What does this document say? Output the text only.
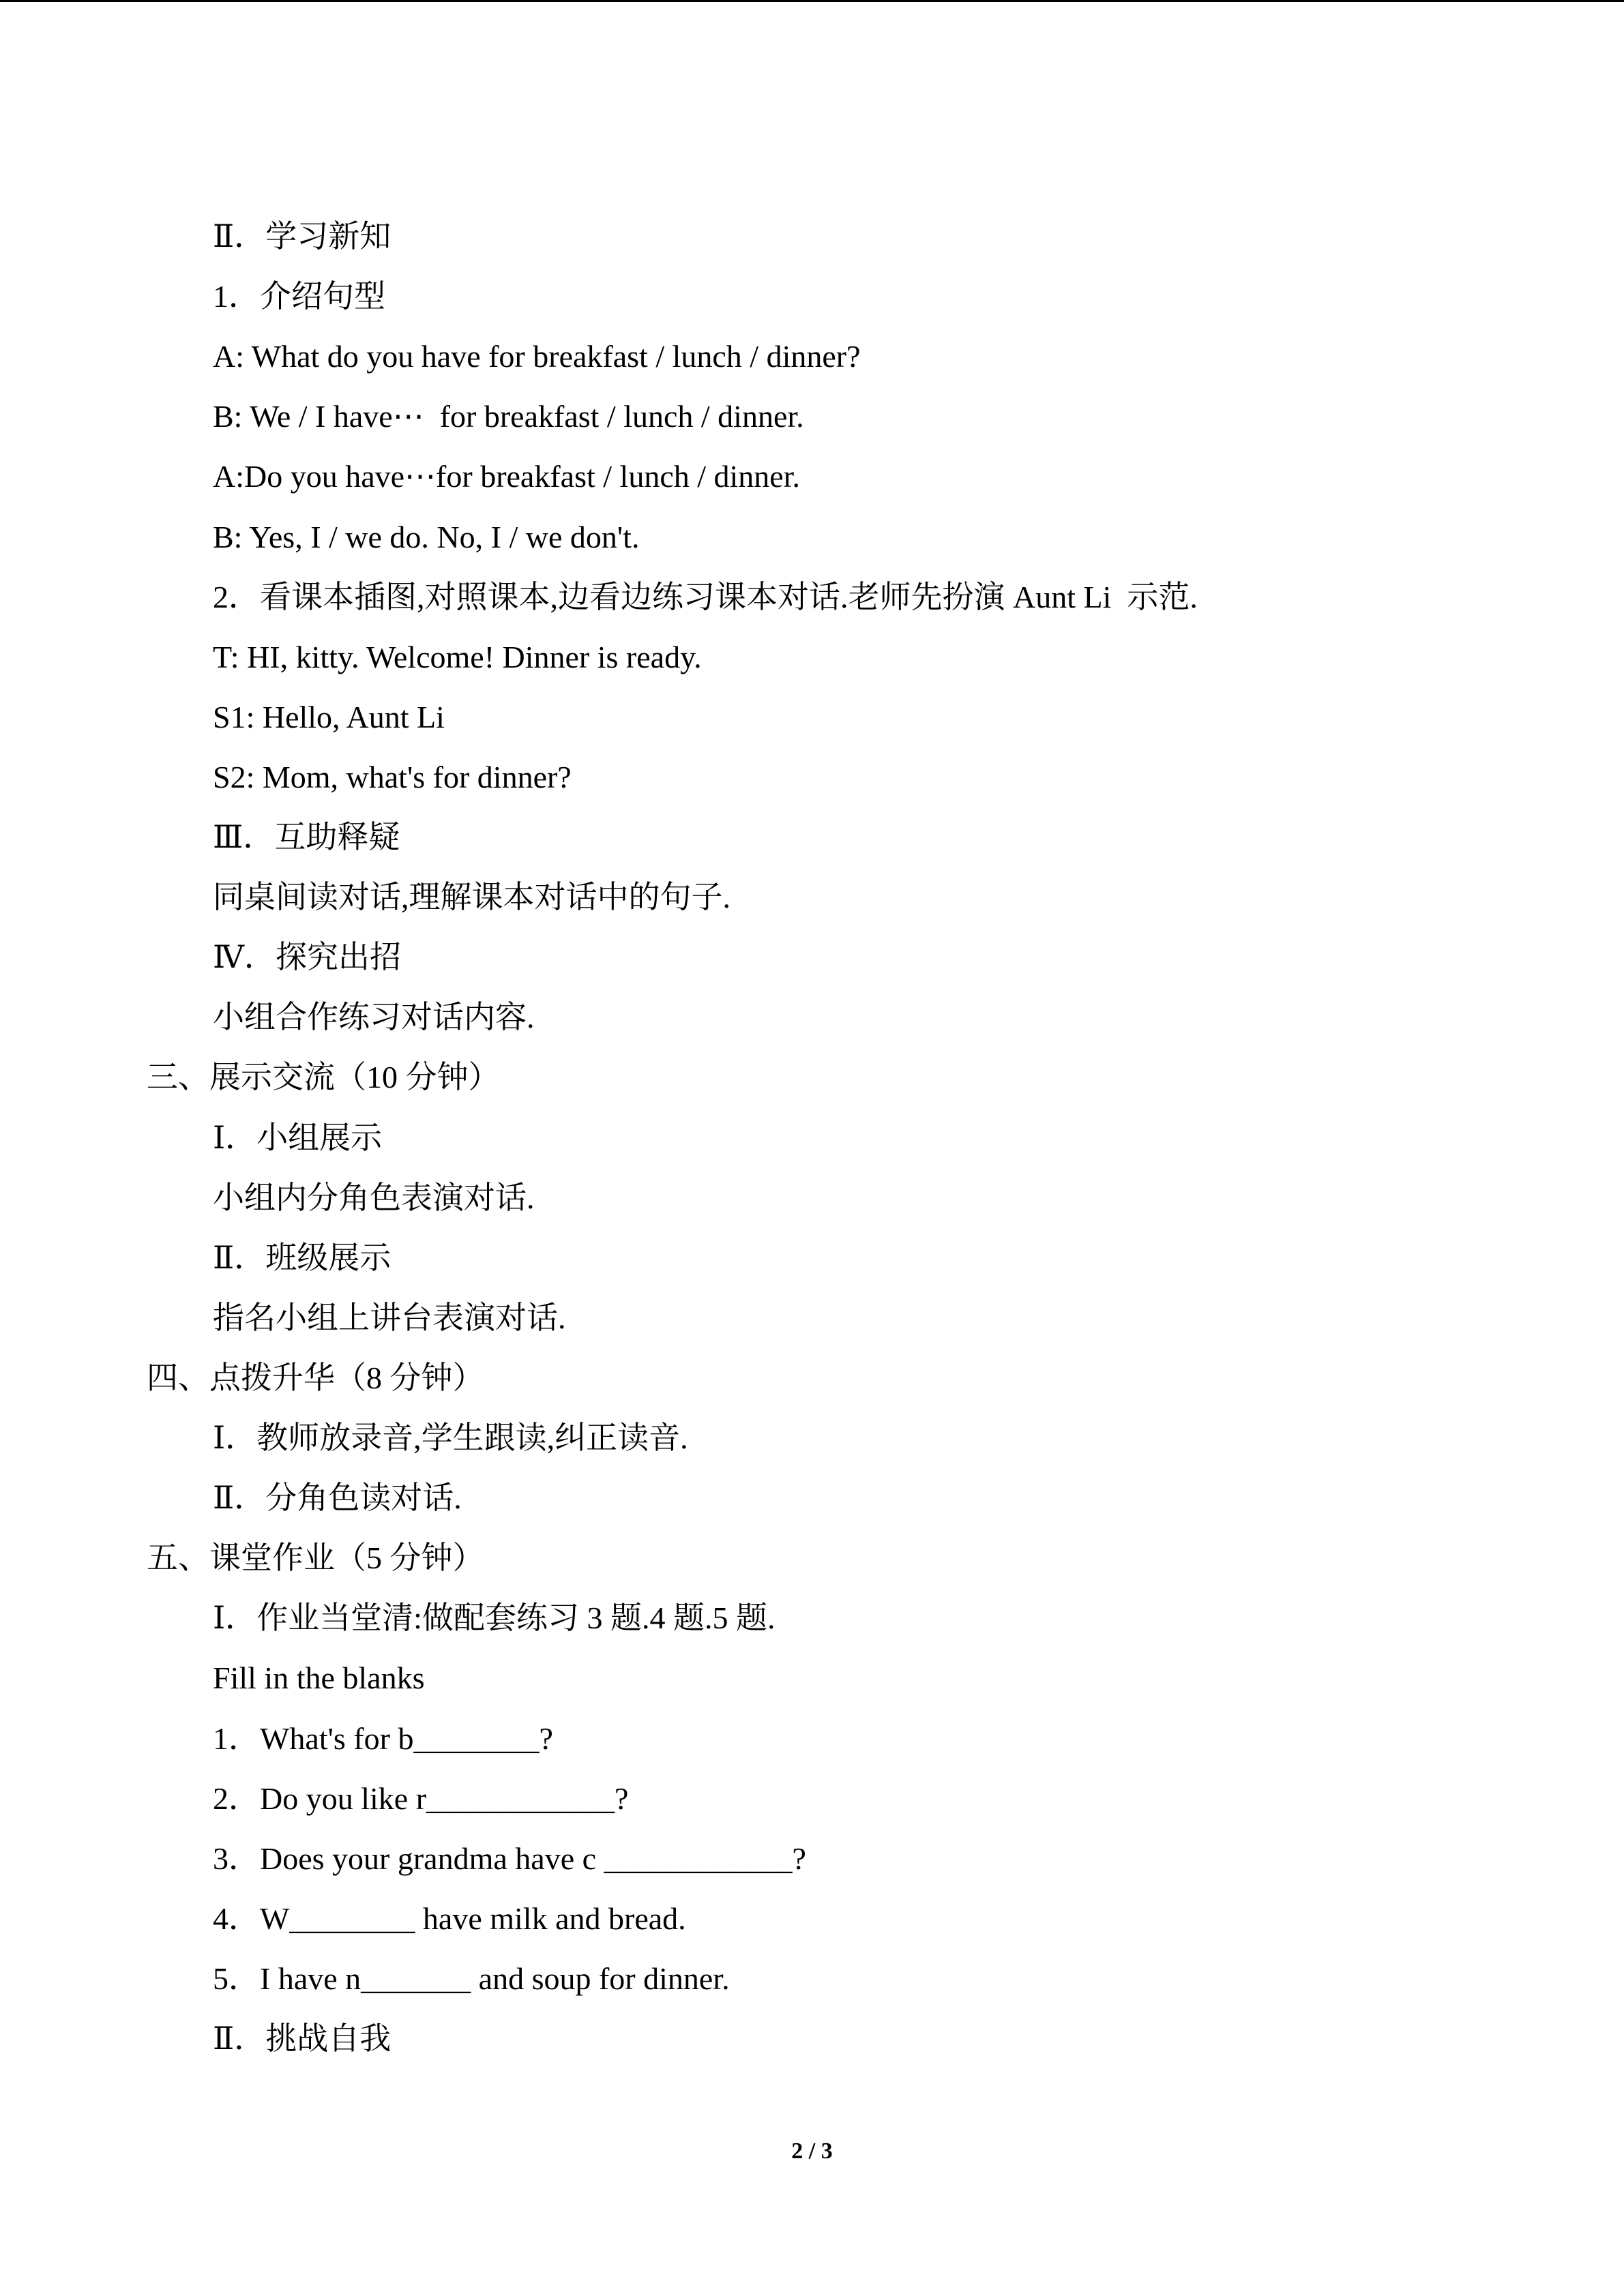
Ⅱ．学习新知
1．介绍句型
A: What do you have for breakfast / lunch / dinner?
B: We / I have⋯  for breakfast / lunch / dinner.
A:Do you have⋯for breakfast / lunch / dinner.
B: Yes, I / we do. No, I / we don't.
2．看课本插图,对照课本,边看边练习课本对话.老师先扮演 Aunt Li  示范.
T: HI, kitty. Welcome! Dinner is ready.
S1: Hello, Aunt Li
S2: Mom, what's for dinner?
Ⅲ．互助释疑
同桌间读对话,理解课本对话中的句子.
Ⅳ．探究出招
小组合作练习对话内容.
三、展示交流（10 分钟）
Ⅰ．小组展示
小组内分角色表演对话.
Ⅱ．班级展示
指名小组上讲台表演对话.
四、点拨升华（8 分钟）
Ⅰ．教师放录音,学生跟读,纠正读音.
Ⅱ．分角色读对话.
五、课堂作业（5 分钟）
Ⅰ．作业当堂清:做配套练习 3 题.4 题.5 题.
Fill in the blanks
1．What's for b________?
2．Do you like r____________?
3．Does your grandma have c ____________?
4．W________ have milk and bread.
5．I have n_______ and soup for dinner.
Ⅱ．挑战自我
2 / 3
